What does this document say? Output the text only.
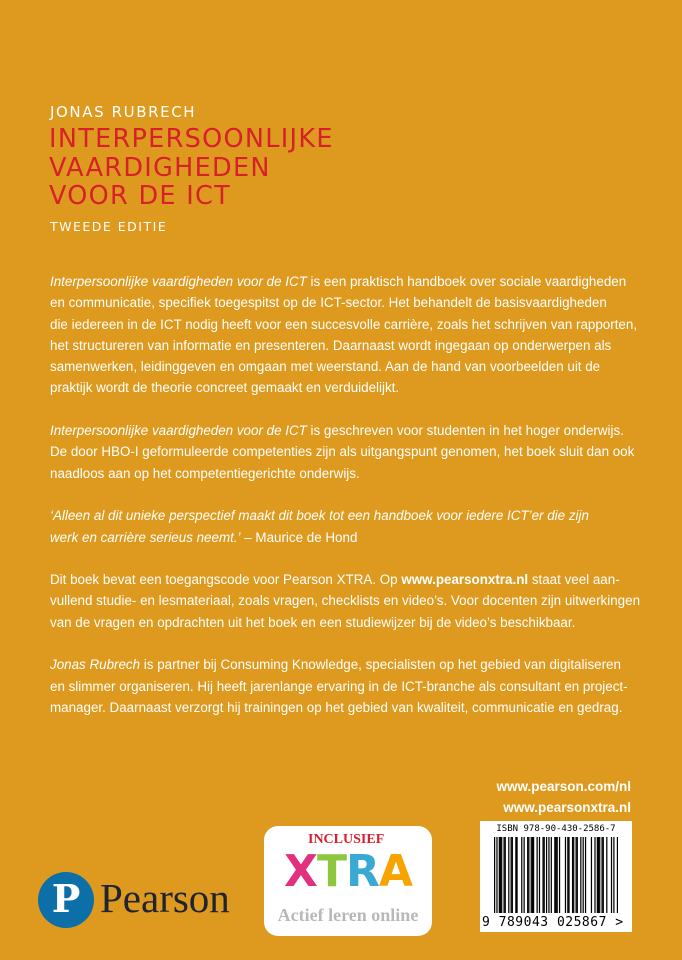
JONAS RUBRECH
INTERPERSOONLIJKE
VAARDIGHEDEN
VOOR DE ICT
TWEEDE EDITIE

Interpersoonlijke vaardigheden voor de ICT is een praktisch handboek over sociale vaardigheden
en communicatie, specifiek toegespitst op de ICT-sector. Het behandelt de basisvaardigheden
die iedereen in de ICT nodig heeft voor een succesvolle carrière, zoals het schrijven van rapporten,
het structureren van informatie en presenteren. Daarnaast wordt ingegaan op onderwerpen als
samenwerken, leidinggeven en omgaan met weerstand. Aan de hand van voorbeelden uit de
praktijk wordt de theorie concreet gemaakt en verduidelijkt.

Interpersoonlijke vaardigheden voor de ICT is geschreven voor studenten in het hoger onderwijs.
De door HBO-I geformuleerde competenties zijn als uitgangspunt genomen, het boek sluit dan ook
naadloos aan op het competentiegerichte onderwijs.

‘Alleen al dit unieke perspectief maakt dit boek tot een handboek voor iedere ICT’er die zijn
werk en carrière serieus neemt.’ – Maurice de Hond

Dit boek bevat een toegangscode voor Pearson XTRA. Op www.pearsonxtra.nl staat veel aan-
vullend studie- en lesmateriaal, zoals vragen, checklists en video’s. Voor docenten zijn uitwerkingen
van de vragen en opdrachten uit het boek en een studiewijzer bij de video’s beschikbaar.

Jonas Rubrech is partner bij Consuming Knowledge, specialisten op het gebied van digitaliseren
en slimmer organiseren. Hij heeft jarenlange ervaring in de ICT-branche als consultant en project-
manager. Daarnaast verzorgt hij trainingen op het gebied van kwaliteit, communicatie en gedrag.

www.pearson.com/nl
www.pearsonxtra.nl
P Pearson
INCLUSIEF
XTRA
Actief leren online
ISBN 978-90-430-2586-7
9 789043 025867 >
